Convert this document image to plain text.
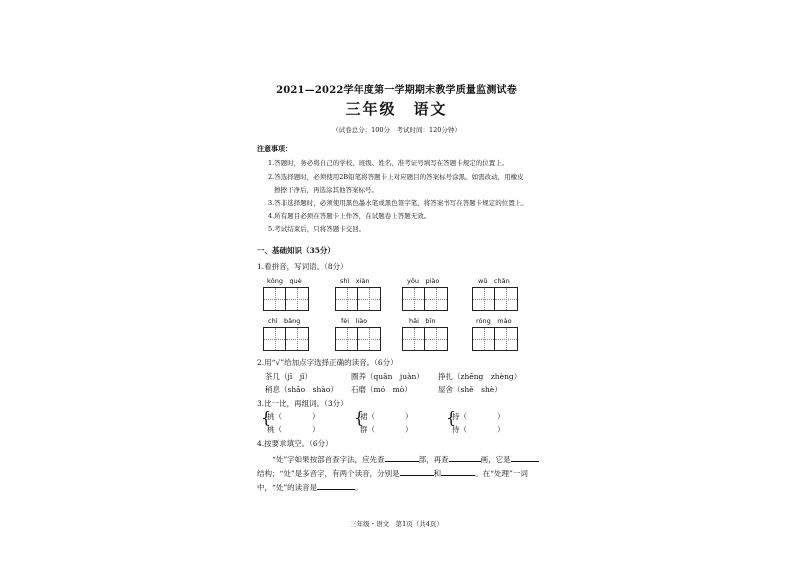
2021—2022学年度第一学期期末教学质量监测试卷
三年级　语文
（试卷总分：100分　考试时间：120分钟）
注意事项：
1.答题时，务必将自己的学校、班级、姓名、准考证号填写在答题卡规定的位置上。
2.答选择题时，必须使用2B铅笔将答题卡上对应题目的答案标号涂黑。如需改动，用橡皮
擦擦干净后，再选涂其他答案标号。
3.答非选择题时，必须使用黑色墨水笔或黑色签字笔，将答案书写在答题卡规定的位置上。
4.所有题目必须在答题卡上作答，在试题卷上答题无效。
5.考试结束后，只将答题卡交回。
一、基础知识（35分）
1.看拼音，写词语。（8分）
kǒng　què	shì　xiàn	yōu　piào	wǔ　chǎn
chì　bǎng	fèi　liào	hǎi　bīn	róng　mào
2.用“√”给加点字选择正确的读音。（6分）
茶几（jī　jǐ）	圈养（quān　juàn） 挣扎（zhēng　zhèng）
稍息（shāo　shào） 石磨（mó　mò）	屋舍（shě　shè）
3.比一比，再组词。（3分）
{
挑（　　　　）
桃（　　　　）
{
裙（　　　　）
群（　　　　）
{
持（　　　　）
侍（　　　　）
4.按要求填空。（6分）
“处”字如果按部首查字法，应先查	部，再查	画，它是
结构；“处”是多音字，有两个读音，分别是	和	。在“处理”一词
中，“处”的读音是	。
三年级・语文　第1页（共4页）
